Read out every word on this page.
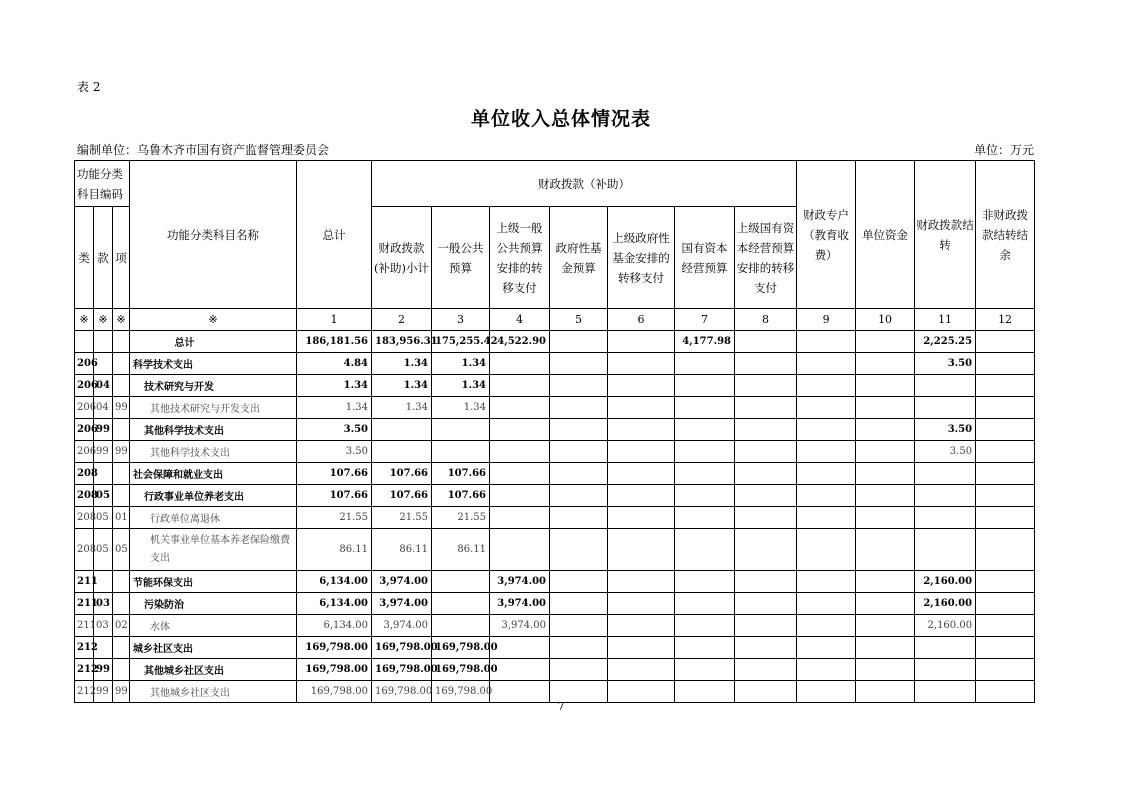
表 2
单位收入总体情况表
编制单位：乌鲁木齐市国有资产监督管理委员会	单位：万元
功能分类科目编码			功能分类科目名称	总计	财政拨款（补助）							财政专户（教育收费）	单位资金	财政拨款结转	非财政拨款结转结余
类	款	项			财政拨款(补助)小计	一般公共预算	上级一般公共预算安排的转移支付	政府性基金预算	上级政府性基金安排的转移支付	国有资本经营预算	上级国有资本经营预算安排的转移支付				
※	※	※	※	1	2	3	4	5	6	7	8	9	10	11	12
			总计	186,181.56	183,956.31	175,255.42	4,522.90			4,177.98				2,225.25	
206			科学技术支出	4.84	1.34	1.34								3.50	
206	04		技术研究与开发	1.34	1.34	1.34									
206	04	99	其他技术研究与开发支出	1.34	1.34	1.34									
206	99		其他科学技术支出	3.50										3.50	
206	99	99	其他科学技术支出	3.50										3.50	
208			社会保障和就业支出	107.66	107.66	107.66									
208	05		行政事业单位养老支出	107.66	107.66	107.66									
208	05	01	行政单位离退休	21.55	21.55	21.55									
208	05	05	机关事业单位基本养老保险缴费支出	86.11	86.11	86.11									
211			节能环保支出	6,134.00	3,974.00		3,974.00							2,160.00	
211	03		污染防治	6,134.00	3,974.00		3,974.00							2,160.00	
211	03	02	水体	6,134.00	3,974.00		3,974.00							2,160.00	
212			城乡社区支出	169,798.00	169,798.00	169,798.00									
212	99		其他城乡社区支出	169,798.00	169,798.00	169,798.00									
212	99	99	其他城乡社区支出	169,798.00	169,798.00	169,798.00									
7
